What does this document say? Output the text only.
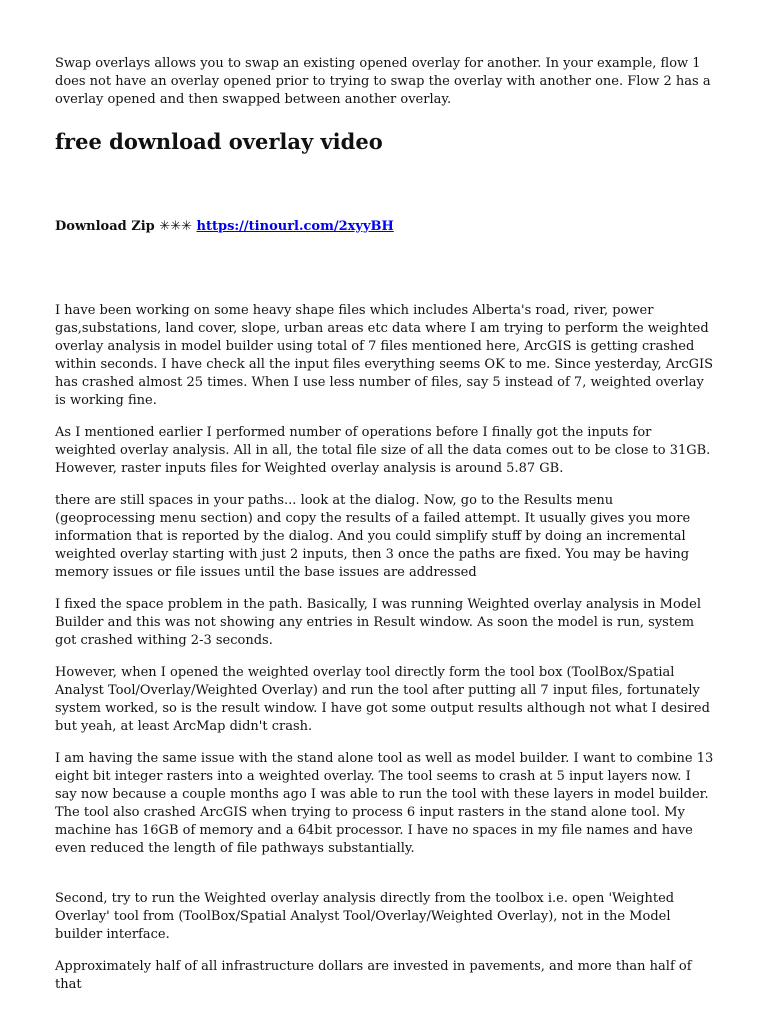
Swap overlays allows you to swap an existing opened overlay for another. In your example, flow 1 does not have an overlay opened prior to trying to swap the overlay with another one. Flow 2 has a overlay opened and then swapped between another overlay.

free download overlay video
Download Zip ✳✳✳ https://tinourl.com/2xyyBH

I have been working on some heavy shape files which includes Alberta's road, river, power gas,substations, land cover, slope, urban areas etc data where I am trying to perform the weighted overlay analysis in model builder using total of 7 files mentioned here, ArcGIS is getting crashed within seconds. I have check all the input files everything seems OK to me. Since yesterday, ArcGIS has crashed almost 25 times. When I use less number of files, say 5 instead of 7, weighted overlay is working fine.

As I mentioned earlier I performed number of operations before I finally got the inputs for weighted overlay analysis. All in all, the total file size of all the data comes out to be close to 31GB. However, raster inputs files for Weighted overlay analysis is around 5.87 GB.

there are still spaces in your paths... look at the dialog. Now, go to the Results menu (geoprocessing menu section) and copy the results of a failed attempt. It usually gives you more information that is reported by the dialog. And you could simplify stuff by doing an incremental weighted overlay starting with just 2 inputs, then 3 once the paths are fixed. You may be having memory issues or file issues until the base issues are addressed

I fixed the space problem in the path. Basically, I was running Weighted overlay analysis in Model Builder and this was not showing any entries in Result window. As soon the model is run, system got crashed withing 2-3 seconds.

However, when I opened the weighted overlay tool directly form the tool box (ToolBox/Spatial Analyst Tool/Overlay/Weighted Overlay) and run the tool after putting all 7 input files, fortunately system worked, so is the result window. I have got some output results although not what I desired but yeah, at least ArcMap didn't crash.

I am having the same issue with the stand alone tool as well as model builder. I want to combine 13 eight bit integer rasters into a weighted overlay. The tool seems to crash at 5 input layers now. I say now because a couple months ago I was able to run the tool with these layers in model builder. The tool also crashed ArcGIS when trying to process 6 input rasters in the stand alone tool. My machine has 16GB of memory and a 64bit processor. I have no spaces in my file names and have even reduced the length of file pathways substantially.

Second, try to run the Weighted overlay analysis directly from the toolbox i.e. open 'Weighted Overlay' tool from (ToolBox/Spatial Analyst Tool/Overlay/Weighted Overlay), not in the Model builder interface.

Approximately half of all infrastructure dollars are invested in pavements, and more than half of that
